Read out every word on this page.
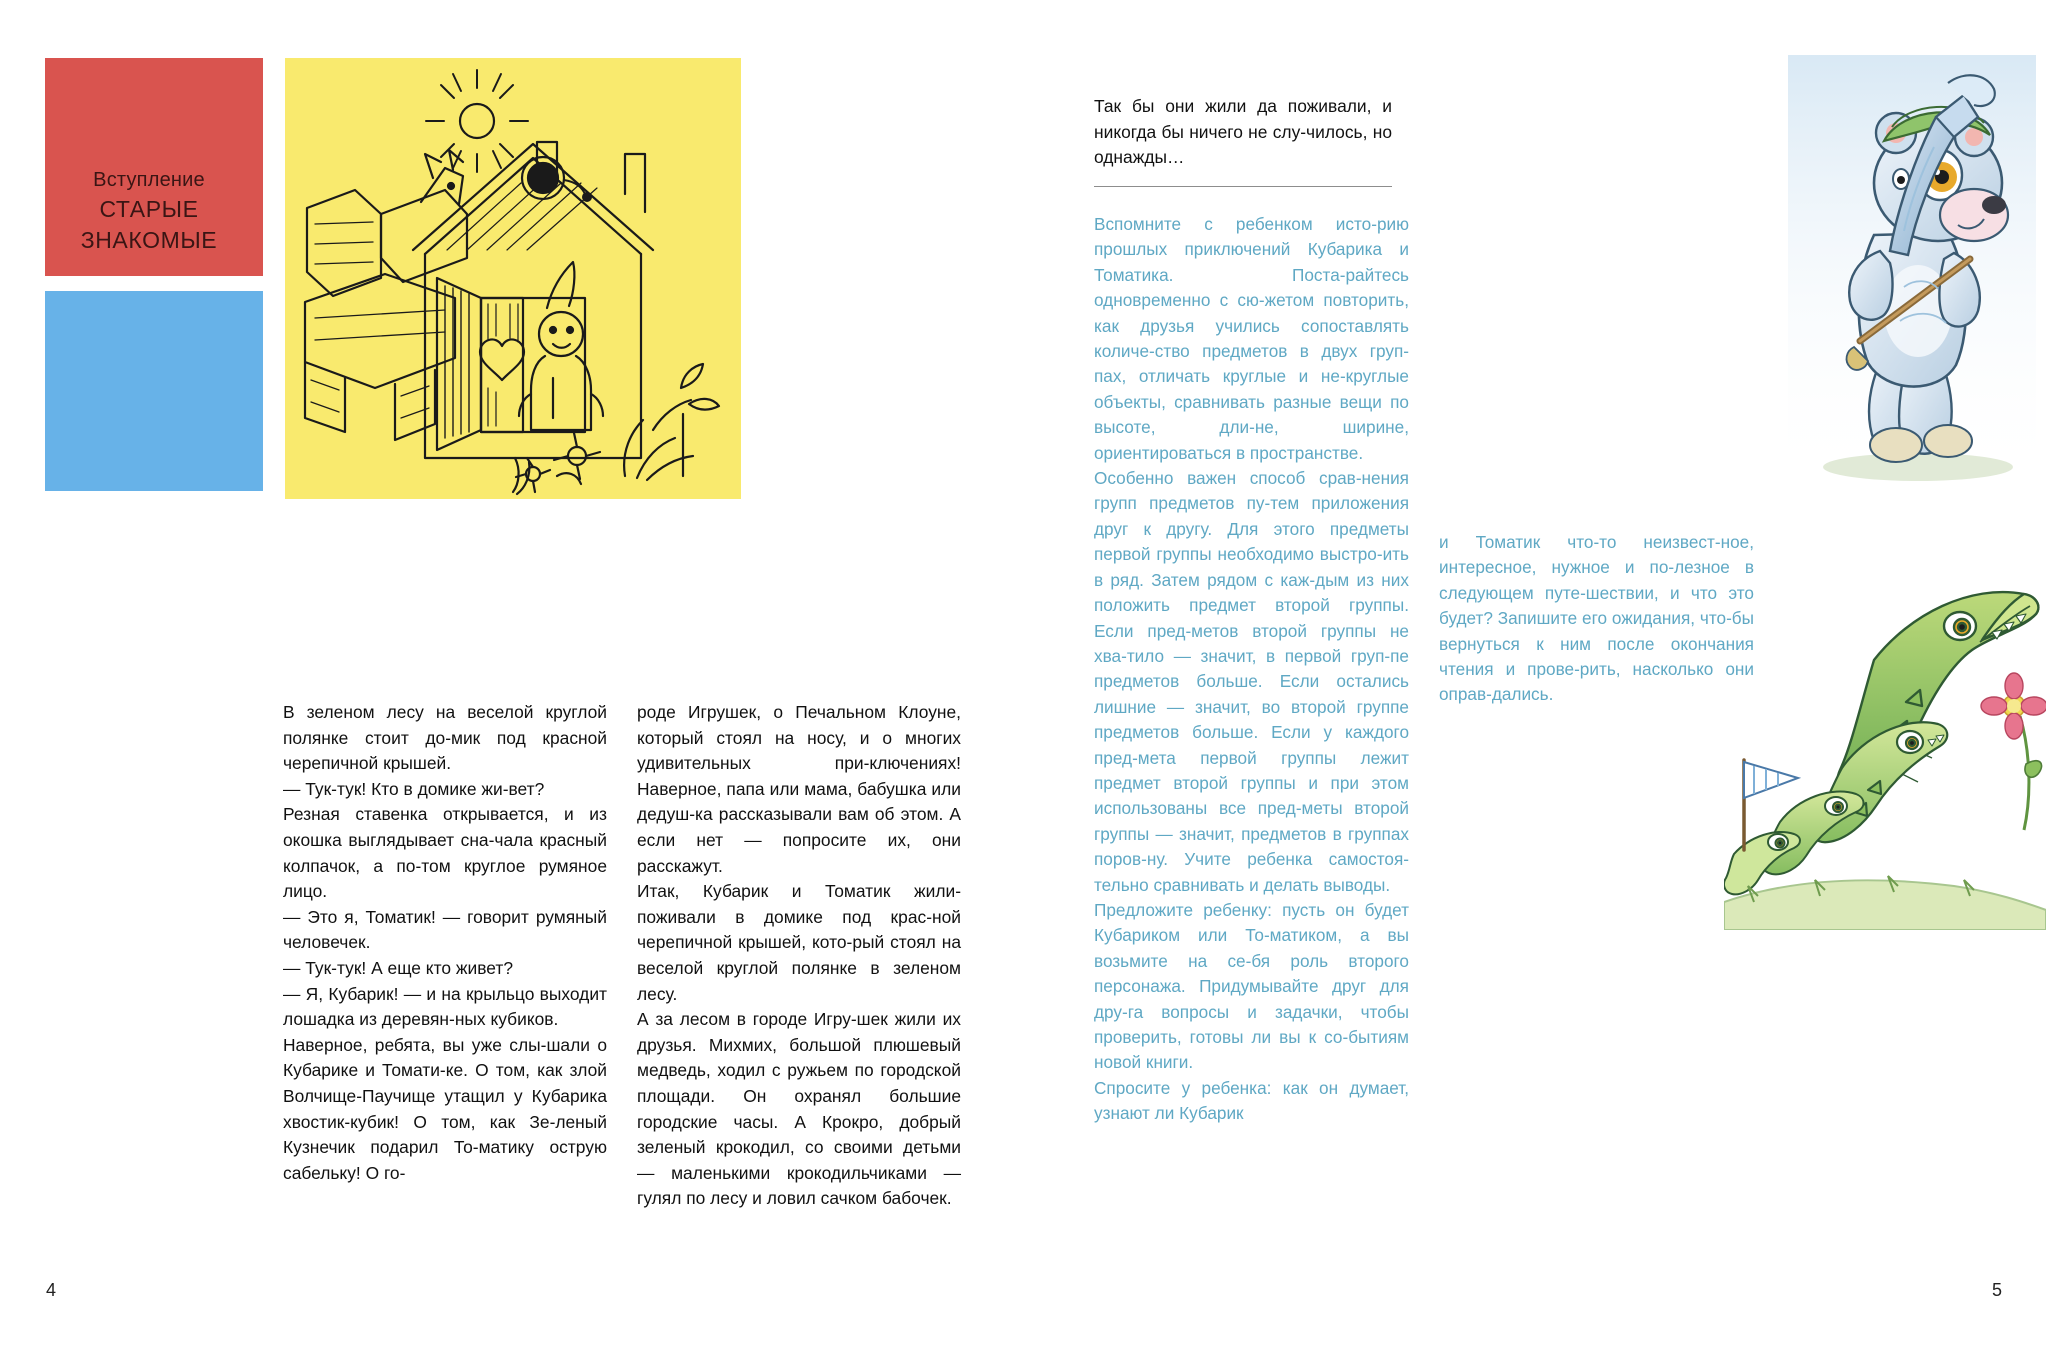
Вступление
СТАРЫЕ
ЗНАКОМЫЕ

В зеленом лесу на веселой круглой полянке стоит до-мик под красной черепичной крышей.

— Тук-тук! Кто в домике жи-вет?

Резная ставенка открывается, и из окошка выглядывает сна-чала красный колпачок, а по-том круглое румяное лицо.

— Это я, Томатик! — говорит румяный человечек.

— Тук-тук! А еще кто живет?

— Я, Кубарик! — и на крыльцо выходит лошадка из деревян-ных кубиков.

Наверное, ребята, вы уже слы-шали о Кубарике и Томати-ке. О том, как злой Волчище-Паучище утащил у Кубарика хвостик-кубик! О том, как Зе-леный Кузнечик подарил То-матику острую сабельку! О го-

роде Игрушек, о Печальном Клоуне, который стоял на носу, и о многих удивительных при-ключениях! Наверное, папа или мама, бабушка или дедуш-ка рассказывали вам об этом. А если нет — попросите их, они расскажут.

Итак, Кубарик и Томатик жили-поживали в домике под крас-ной черепичной крышей, кото-рый стоял на веселой круглой полянке в зеленом лесу.

А за лесом в городе Игру-шек жили их друзья. Михмих, большой плюшевый медведь, ходил с ружьем по городской площади. Он охранял большие городские часы. А Крокро, добрый зеленый крокодил, со своими детьми — маленькими крокодильчиками — гулял по лесу и ловил сачком бабочек.

4
Так бы они жили да поживали, и никогда бы ничего не слу-чилось, но однажды…

Вспомните с ребенком исто-рию прошлых приключений Кубарика и Томатика. Поста-райтесь одновременно с сю-жетом повторить, как друзья учились сопоставлять количе-ство предметов в двух груп-пах, отличать круглые и не-круглые объекты, сравнивать разные вещи по высоте, дли-не, ширине, ориентироваться в пространстве.

Особенно важен способ срав-нения групп предметов пу-тем приложения друг к другу. Для этого предметы первой группы необходимо выстро-ить в ряд. Затем рядом с каж-дым из них положить предмет второй группы. Если пред-метов второй группы не хва-тило — значит, в первой груп-пе предметов больше. Если остались лишние — значит, во второй группе предметов больше. Если у каждого пред-мета первой группы лежит предмет второй группы и при этом использованы все пред-меты второй группы — значит, предметов в группах поров-ну. Учите ребенка самостоя-тельно сравнивать и делать выводы.

Предложите ребенку: пусть он будет Кубариком или То-матиком, а вы возьмите на се-бя роль второго персонажа. Придумывайте друг для дру-га вопросы и задачки, чтобы проверить, готовы ли вы к со-бытиям новой книги.

Спросите у ребенка: как он думает, узнают ли Кубарик

и Томатик что-то неизвест-ное, интересное, нужное и по-лезное в следующем путе-шествии, и что это будет? Запишите его ожидания, что-бы вернуться к ним после окончания чтения и прове-рить, насколько они оправ-дались.

5
